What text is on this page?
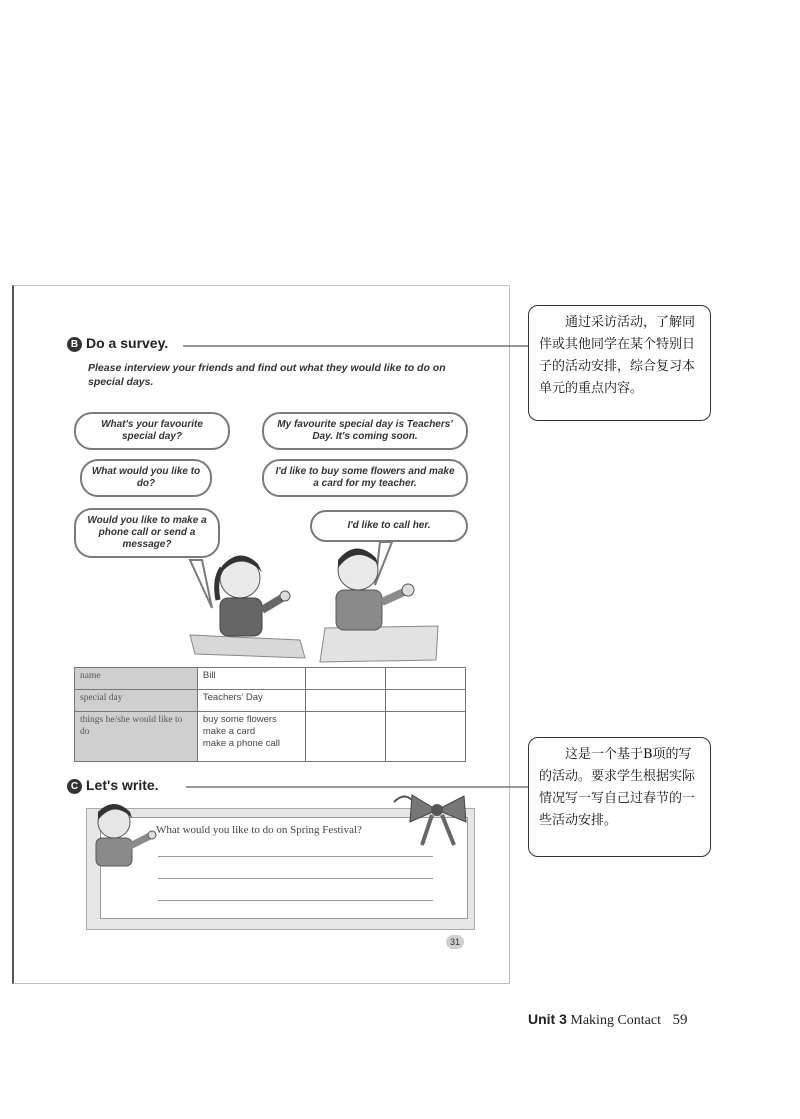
B Do a survey.
Please interview your friends and find out what they would like to do on special days.
What's your favourite special day?
My favourite special day is Teachers' Day. It's coming soon.
What would you like to do?
I'd like to buy some flowers and make a card for my teacher.
Would you like to make a phone call or send a message?
I'd like to call her.
name	Bill		
special day	Teachers' Day		
things he/she would like to do	buy some flowers
make a card
make a phone call		

C Let's write.
What would you like to do on Spring Festival?
31

通过采访活动，了解同伴或其他同学在某个特别日子的活动安排，综合复习本单元的重点内容。

这是一个基于B项的写的活动。要求学生根据实际情况写一写自己过春节的一些活动安排。

Unit 3 Making Contact 59
